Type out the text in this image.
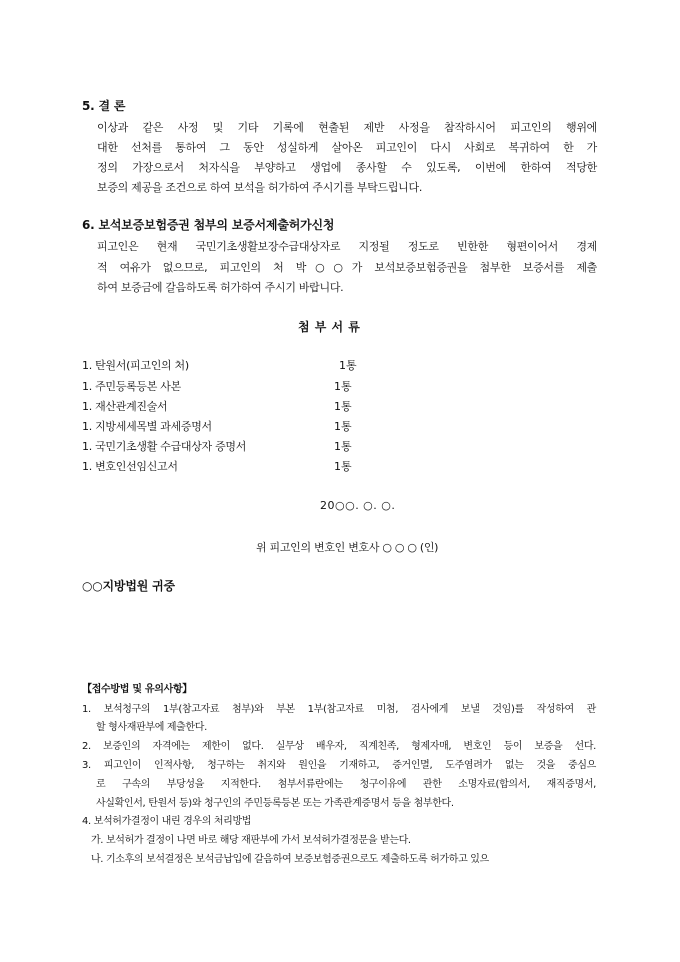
5. 결 론
이상과 같은 사정 및 기타 기록에 현출된 제반 사정을 참작하시어 피고인의 행위에
대한 선처를 통하여 그 동안 성실하게 살아온 피고인이 다시 사회로 복귀하여 한 가
정의 가장으로서 처자식을 부양하고 생업에 종사할 수 있도록, 이번에 한하여 적당한
보증의 제공을 조건으로 하여 보석을 허가하여 주시기를 부탁드립니다.
6. 보석보증보험증권 첨부의 보증서제출허가신청
피고인은 현재 국민기초생활보장수급대상자로 지정될 정도로 빈한한 형편이어서 경제
적 여유가 없으므로, 피고인의 처 박○○가 보석보증보험증권을 첨부한 보증서를 제출
하여 보증금에 갈음하도록 허가하여 주시기 바랍니다.
첨 부 서 류
1. 탄원서(피고인의 처)	1통
1. 주민등록등본 사본	1통
1. 재산관계진술서	1통
1. 지방세세목별 과세증명서	1통
1. 국민기초생활 수급대상자 증명서	1통
1. 변호인선임신고서	1통
20○○. ○. ○.
위 피고인의 변호인 변호사 ○ ○ ○ (인)
○○지방법원 귀중
【접수방법 및 유의사항】
1. 보석청구의 1부(참고자료 첨부)와 부본 1부(참고자료 미첨, 검사에게 보낼 것임)를 작성하여 관
할 형사재판부에 제출한다.
2. 보증인의 자격에는 제한이 없다. 실무상 배우자, 직계친족, 형제자매, 변호인 등이 보증을 선다.
3. 피고인이 인적사항, 청구하는 취지와 원인을 기재하고, 증거인멸, 도주염려가 없는 것을 중심으
로 구속의 부당성을 지적한다. 첨부서류란에는 청구이유에 관한 소명자료(합의서, 재직증명서,
사실확인서, 탄원서 등)와 청구인의 주민등록등본 또는 가족관계증명서 등을 첨부한다.
4. 보석허가결정이 내린 경우의 처리방법
가. 보석허가 결정이 나면 바로 해당 재판부에 가서 보석허가결정문을 받는다.
나. 기소후의 보석결정은 보석금납입에 갈음하여 보증보험증권으로도 제출하도록 허가하고 있으
